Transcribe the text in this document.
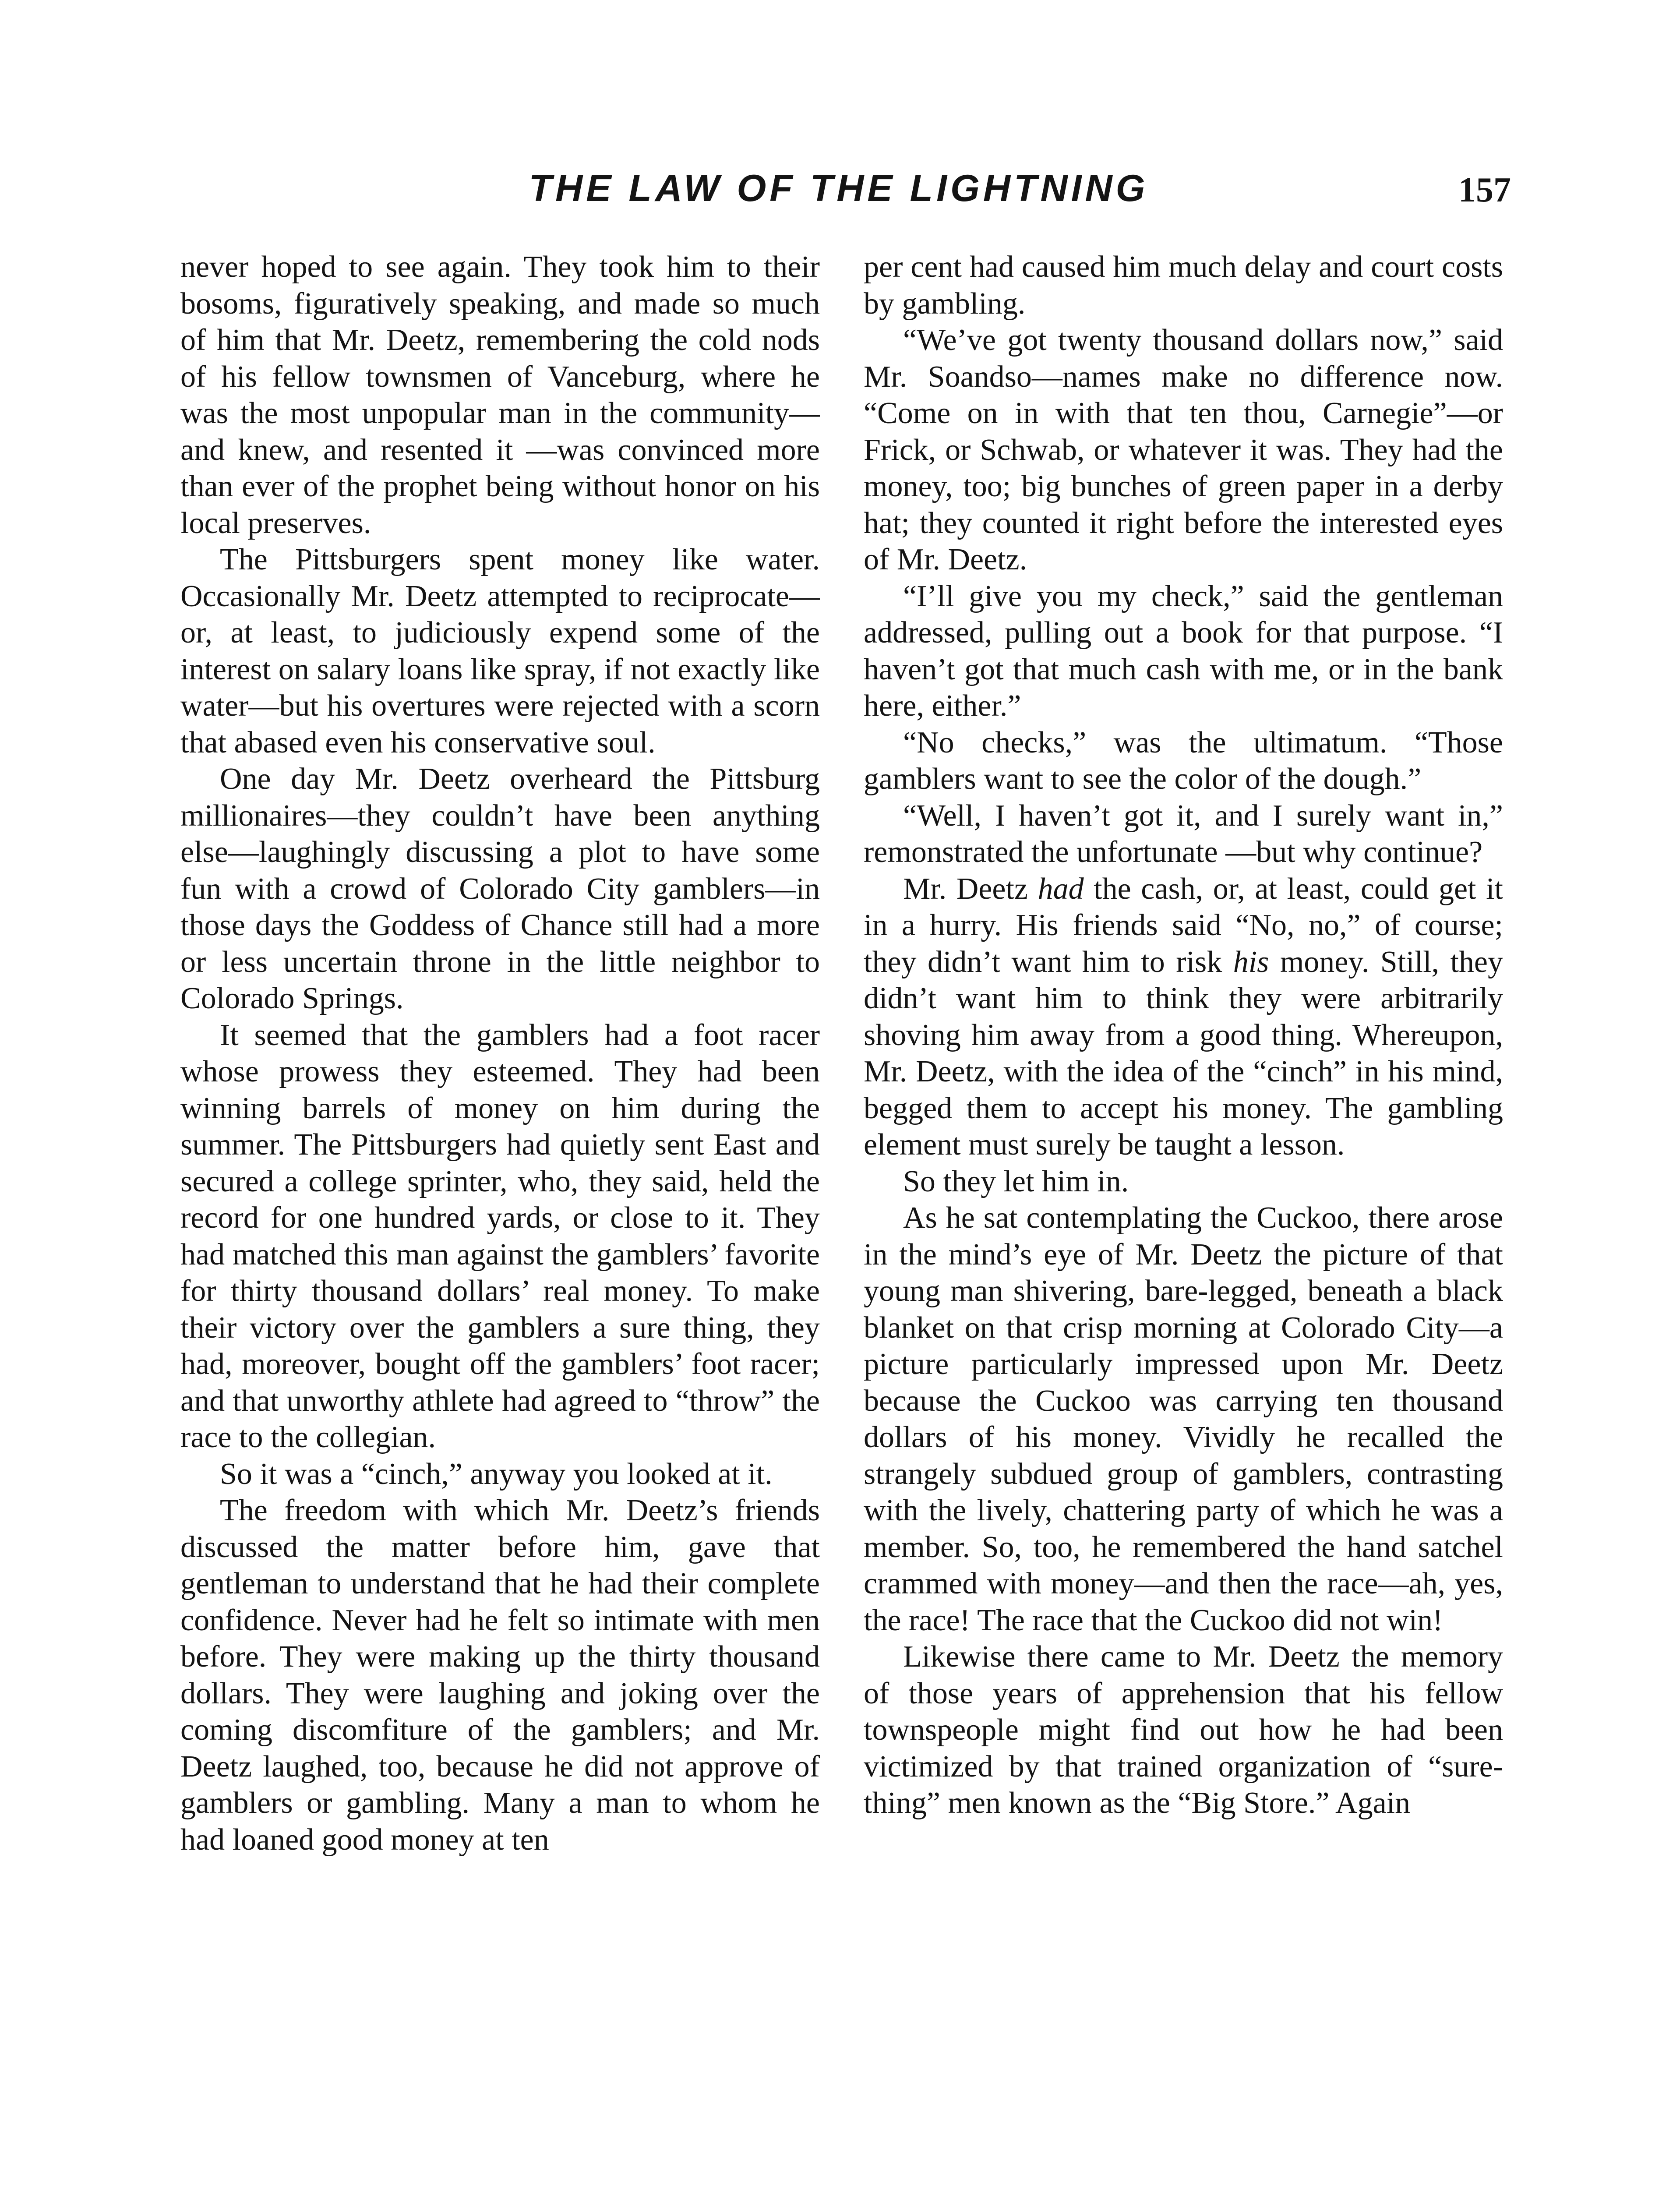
THE LAW OF THE LIGHTNING	157

never hoped to see again. They took him to their bosoms, figuratively speaking, and made so much of him that Mr. Deetz, remembering the cold nods of his fellow townsmen of Vanceburg, where he was the most unpopular man in the community—and knew, and resented it —was convinced more than ever of the prophet being without honor on his local preserves.

The Pittsburgers spent money like water. Occasionally Mr. Deetz attempted to reciprocate—or, at least, to judiciously expend some of the interest on salary loans like spray, if not exactly like water—but his overtures were rejected with a scorn that abased even his conservative soul.

One day Mr. Deetz overheard the Pittsburg millionaires—they couldn’t have been anything else—laughingly discussing a plot to have some fun with a crowd of Colorado City gamblers—in those days the Goddess of Chance still had a more or less uncertain throne in the little neighbor to Colorado Springs.

It seemed that the gamblers had a foot racer whose prowess they esteemed. They had been winning barrels of money on him during the summer. The Pittsburgers had quietly sent East and secured a college sprinter, who, they said, held the record for one hundred yards, or close to it. They had matched this man against the gamblers’ favorite for thirty thousand dollars’ real money. To make their victory over the gamblers a sure thing, they had, moreover, bought off the gamblers’ foot racer; and that unworthy athlete had agreed to “throw” the race to the collegian.

So it was a “cinch,” anyway you looked at it.

The freedom with which Mr. Deetz’s friends discussed the matter before him, gave that gentleman to understand that he had their complete confidence. Never had he felt so intimate with men before. They were making up the thirty thousand dollars. They were laughing and joking over the coming discomfiture of the gamblers; and Mr. Deetz laughed, too, because he did not approve of gamblers or gambling. Many a man to whom he had loaned good money at ten

per cent had caused him much delay and court costs by gambling.

“We’ve got twenty thousand dollars now,” said Mr. Soandso—names make no difference now. “Come on in with that ten thou, Carnegie”—or Frick, or Schwab, or whatever it was. They had the money, too; big bunches of green paper in a derby hat; they counted it right before the interested eyes of Mr. Deetz.

“I’ll give you my check,” said the gentleman addressed, pulling out a book for that purpose. “I haven’t got that much cash with me, or in the bank here, either.”

“No checks,” was the ultimatum. “Those gamblers want to see the color of the dough.”

“Well, I haven’t got it, and I surely want in,” remonstrated the unfortunate —but why continue?

Mr. Deetz had the cash, or, at least, could get it in a hurry. His friends said “No, no,” of course; they didn’t want him to risk his money. Still, they didn’t want him to think they were arbitrarily shoving him away from a good thing. Whereupon, Mr. Deetz, with the idea of the “cinch” in his mind, begged them to accept his money. The gambling element must surely be taught a lesson.

So they let him in.

As he sat contemplating the Cuckoo, there arose in the mind’s eye of Mr. Deetz the picture of that young man shivering, bare-legged, beneath a black blanket on that crisp morning at Colorado City—a picture particularly impressed upon Mr. Deetz because the Cuckoo was carrying ten thousand dollars of his money. Vividly he recalled the strangely subdued group of gamblers, contrasting with the lively, chattering party of which he was a member. So, too, he remembered the hand satchel crammed with money—and then the race—ah, yes, the race! The race that the Cuckoo did not win!

Likewise there came to Mr. Deetz the memory of those years of apprehension that his fellow townspeople might find out how he had been victimized by that trained organization of “sure-thing” men known as the “Big Store.” Again
